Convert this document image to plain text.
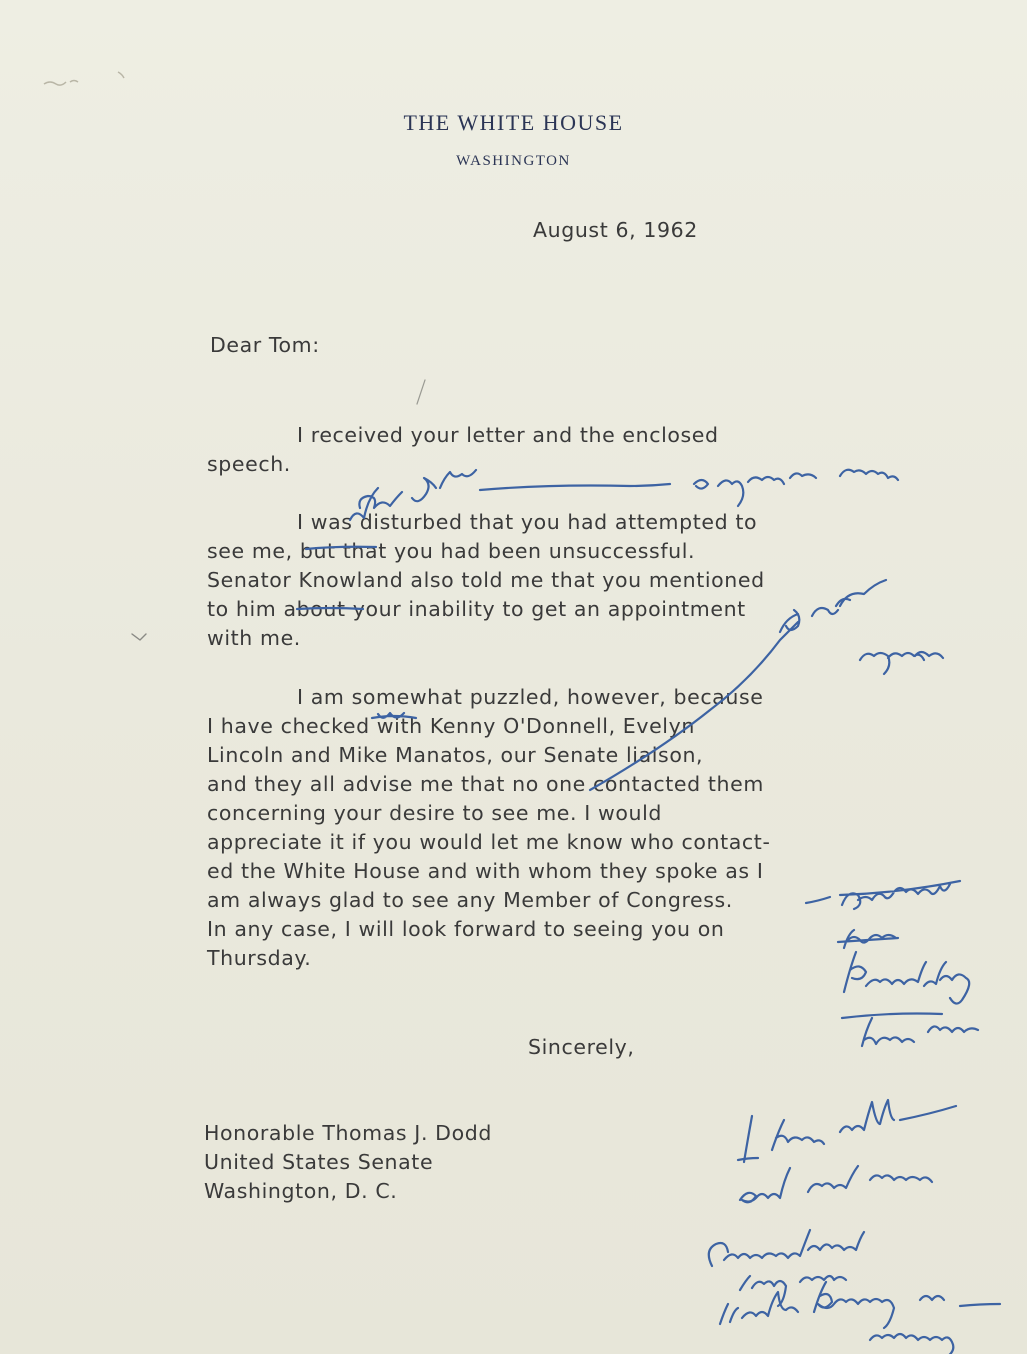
THE WHITE HOUSE
WASHINGTON
August 6, 1962
Dear Tom:
I received your letter and the enclosed
speech.
I was disturbed that you had attempted to
see me, but that you had been unsuccessful.
Senator Knowland also told me that you mentioned
to him about your inability to get an appointment
with me.
I am somewhat puzzled, however, because
I have checked with Kenny O'Donnell, Evelyn
Lincoln and Mike Manatos, our Senate liaison,
and they all advise me that no one contacted them
concerning your desire to see me. I would
appreciate it if you would let me know who contact-
ed the White House and with whom they spoke as I
am always glad to see any Member of Congress.
In any case, I will look forward to seeing you on
Thursday.
Sincerely,
Honorable Thomas J. Dodd
United States Senate
Washington, D. C.
